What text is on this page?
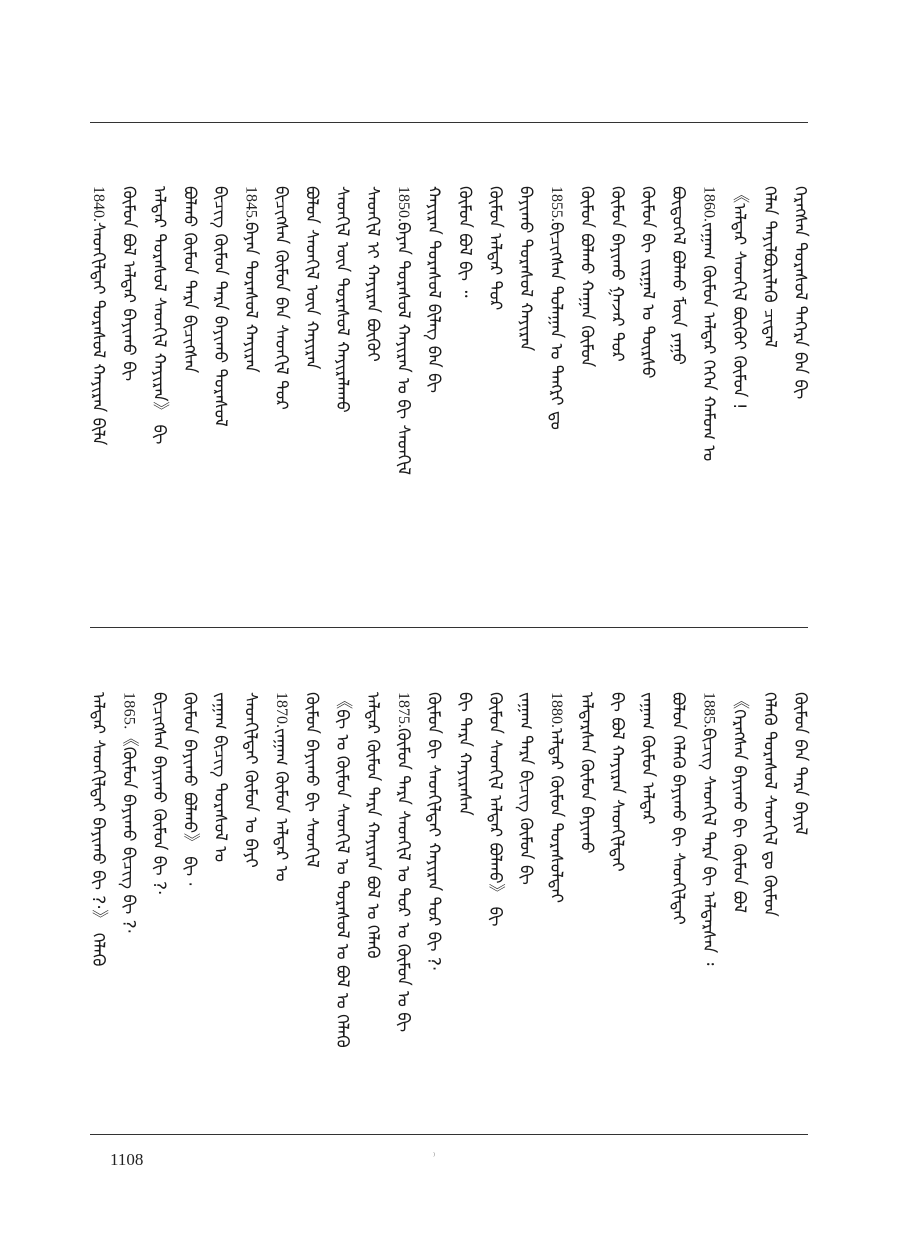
ᠬᠡᠷᠡᠭᠰᠡᠨ ᠳᠤᠷᠠᠰᠤᠯ ᠳᠡᠭᠡᠷᠡ ᠪᠠᠨ ᠪᠢ
ᠬᠡᠯᠡᠨ ᠲᠡᠶᠢᠯᠪᠦᠷᠢᠯᠡᠬᠦ ᠴᠢᠳᠠᠯ
《ᠠᠯᠳᠠᠷ ᠰᠡᠳᠬᠢᠯ ᠪᠦᠬᠦᠢ ᠬᠦᠮᠦᠨ !
1860.ᠵᠠᠭᠠᠭ ᠬᠦᠮᠦᠨ ᠠᠯᠳᠠᠷ ᠭᠡᠭᠡᠨ ᠬᠠᠮᠤᠭ ᠤ
ᠪᠦᠲᠦᠭᠡᠯ ᠪᠣᠯᠬᠤ ᠮᠥᠨ ᠶᠠᠭᠤ
ᠬᠦᠮᠦᠨ ᠪᠢ ᠵᠢᠷᠭᠠᠯ ᠤ ᠳᠦᠷᠰᠦ
ᠬᠦᠮᠦᠨ ᠪᠠᠶᠢᠬᠤ ᠭᠠᠵᠠᠷ ᠳᠤᠷ
ᠬᠦᠮᠦᠨ ᠪᠣᠯᠬᠤ ᠬᠠᠭᠠᠨ ᠬᠦᠮᠦᠨ
1855.ᠪᠢᠴᠢᠭᠰᠡᠨ ᠳᠤᠯᠠᠭᠠᠨ ᠤ ᠲᠡᠩᠷᠢ ᠳᠤ
ᠪᠠᠶᠢᠬᠤ ᠳᠤᠷᠠᠰᠤᠯ ᠬᠠᠶᠢᠷᠠᠨ
ᠬᠦᠮᠦᠨ ᠠᠯᠳᠠᠷ ᠳᠤᠷ
ᠬᠦᠮᠦᠨ ᠪᠣᠯ ᠪᠢ ᠃
ᠬᠠᠶᠢᠷᠠᠨ ᠳᠤᠷᠠᠰᠤᠯ ᠪᠢᠯᠡᠭ ᠪᠠᠨ ᠪᠢ
1850.ᠪᠠᠶᠠᠨ ᠳᠤᠷᠠᠰᠤᠯ ᠬᠠᠶᠢᠷᠠᠨ ᠤ ᠪᠢ ᠰᠡᠳᠬᠢᠯ
ᠰᠡᠳᠬᠢᠯ ᠢ ᠬᠠᠶᠢᠷᠠᠨ ᠪᠦᠬᠦᠢ
ᠰᠡᠳᠬᠢᠯ ᠦᠨ ᠳᠤᠷᠠᠰᠤᠯ ᠬᠠᠶᠢᠷᠠᠯᠠᠬᠤ
ᠪᠣᠯᠤᠨ ᠰᠡᠳᠬᠢᠯ ᠦᠨ ᠬᠠᠶᠢᠷᠠᠨ
ᠪᠢᠴᠢᠭᠰᠡᠨ ᠬᠦᠮᠦᠨ ᠪᠠᠨ ᠰᠡᠳᠬᠢᠯ ᠳᠤᠷ
1845.ᠪᠠᠶᠠᠨ ᠳᠤᠷᠠᠰᠤᠯ ᠬᠠᠶᠢᠷᠠᠨ
ᠪᠢᠴᠢᠭ ᠬᠦᠮᠦᠨ ᠲᠡᠷᠡ ᠪᠠᠶᠢᠬᠤ ᠳᠤᠷᠠᠰᠤᠯ
ᠪᠣᠯᠬᠤ ᠬᠦᠮᠦᠨ ᠲᠡᠷᠡ ᠪᠢᠴᠢᠭᠰᠡᠨ
ᠠᠯᠳᠠᠷ ᠳᠤᠷᠠᠰᠤᠯ ᠰᠡᠳᠬᠢᠯ ᠬᠠᠶᠢᠷᠠᠨ》 ᠪᠢ
ᠬᠦᠮᠦᠨ ᠪᠣᠯ ᠠᠯᠳᠠᠷ ᠪᠠᠶᠢᠬᠤ ᠪᠢ
1840.ᠰᠡᠳᠬᠢᠯᠲᠡᠢ ᠳᠤᠷᠠᠰᠤᠯ ᠬᠠᠶᠢᠷᠠᠨ ᠪᠢᠯᠡ
ᠬᠦᠮᠦᠨ ᠪᠠᠨ ᠲᠡᠷᠡ ᠪᠠᠶᠢᠯ
ᠬᠡᠯᠡᠬᠦ ᠳᠤᠷᠠᠰᠤᠯ ᠰᠡᠳᠬᠢᠯ ᠳᠤ ᠬᠦᠮᠦᠨ
《ᠬᠡᠷᠡᠭᠰᠡᠨ ᠪᠠᠶᠢᠬᠤ ᠪᠢ ᠬᠦᠮᠦᠨ ᠪᠣᠯ
1885.ᠪᠢᠴᠢᠭ ᠰᠡᠳᠬᠢᠯ ᠲᠡᠷᠡ ᠪᠢ ᠠᠯᠳᠠᠷᠰᠠᠨ ᠄
ᠪᠣᠯᠤᠨ ᠬᠡᠯᠡᠬᠦ ᠪᠠᠶᠢᠬᠤ ᠪᠢ ᠰᠡᠳᠬᠢᠯᠲᠡᠢ
ᠵᠠᠭᠠᠭ ᠬᠦᠮᠦᠨ ᠠᠯᠳᠠᠷ
ᠪᠢ ᠪᠣᠯ ᠬᠠᠶᠢᠷᠠᠨ ᠰᠡᠳᠬᠢᠯᠲᠡᠢ
ᠠᠯᠳᠠᠷᠰᠠᠨ ᠬᠦᠮᠦᠨ ᠪᠠᠶᠢᠬᠤ
1880.ᠠᠯᠳᠠᠷ ᠬᠦᠮᠦᠨ ᠳᠤᠷᠠᠰᠤᠯᠲᠡᠢ
ᠵᠠᠭᠠᠭ ᠲᠡᠷᠡ ᠪᠢᠴᠢᠭ ᠬᠦᠮᠦᠨ ᠪᠢ
ᠬᠦᠮᠦᠨ ᠰᠡᠳᠬᠢᠯ ᠠᠯᠳᠠᠷ ᠪᠣᠯᠬᠤ》 ᠪᠢ
ᠪᠢ ᠲᠡᠷᠡ ᠬᠠᠶᠢᠷᠠᠰᠠᠨ
ᠬᠦᠮᠦᠨ ᠪᠢ ᠰᠡᠳᠬᠢᠯᠲᠡᠢ ᠬᠠᠶᠢᠷᠠᠨ ᠳᠤᠷ ᠪᠢ ?·
1875.ᠬᠦᠮᠦᠨ ᠲᠡᠷᠡ ᠰᠡᠳᠬᠢᠯ ᠤ ᠳᠤᠷ ᠤ ᠬᠦᠮᠦᠨ ᠤ ᠪᠢ
ᠠᠯᠳᠠᠷ ᠬᠦᠮᠦᠨ ᠲᠡᠷᠡ ᠬᠠᠶᠢᠷᠠᠨ ᠪᠣᠯ ᠤ ᠬᠡᠯᠡᠬᠦ
《ᠪᠢ ᠤ ᠬᠦᠮᠦᠨ ᠰᠡᠳᠬᠢᠯ ᠤ ᠳᠤᠷᠠᠰᠤᠯ ᠤ ᠪᠣᠯ ᠤ ᠬᠡᠯᠡᠬᠦ
ᠬᠦᠮᠦᠨ ᠪᠠᠶᠢᠬᠤ ᠪᠢ ᠰᠡᠳᠬᠢᠯ
1870.ᠵᠠᠭᠠᠭ ᠬᠦᠮᠦᠨ ᠠᠯᠳᠠᠷ ᠤ
ᠰᠡᠳᠬᠢᠯᠲᠡᠢ ᠬᠦᠮᠦᠨ ᠤ ᠪᠠᠶᠢ
ᠵᠠᠭᠠᠭ ᠪᠢᠴᠢᠭ ᠳᠤᠷᠠᠰᠤᠯ ᠤ
ᠬᠦᠮᠦᠨ ᠪᠠᠶᠢᠬᠤ ᠪᠣᠯᠬᠤ》 ᠪᠢ ·
ᠪᠢᠴᠢᠭᠰᠡᠨ ᠪᠠᠶᠢᠬᠤ ᠬᠦᠮᠦᠨ ᠪᠢ ?·
1865.《ᠬᠦᠮᠦᠨ ᠪᠠᠶᠢᠬᠤ ᠪᠢᠴᠢᠭ ᠪᠢ ?·
ᠠᠯᠳᠠᠷ ᠰᠡᠳᠬᠢᠯᠲᠡᠢ ᠪᠠᠶᠢᠬᠤ ᠪᠢ ?·》 ᠬᠡᠯᠡᠬᠦ
1108	⁾
